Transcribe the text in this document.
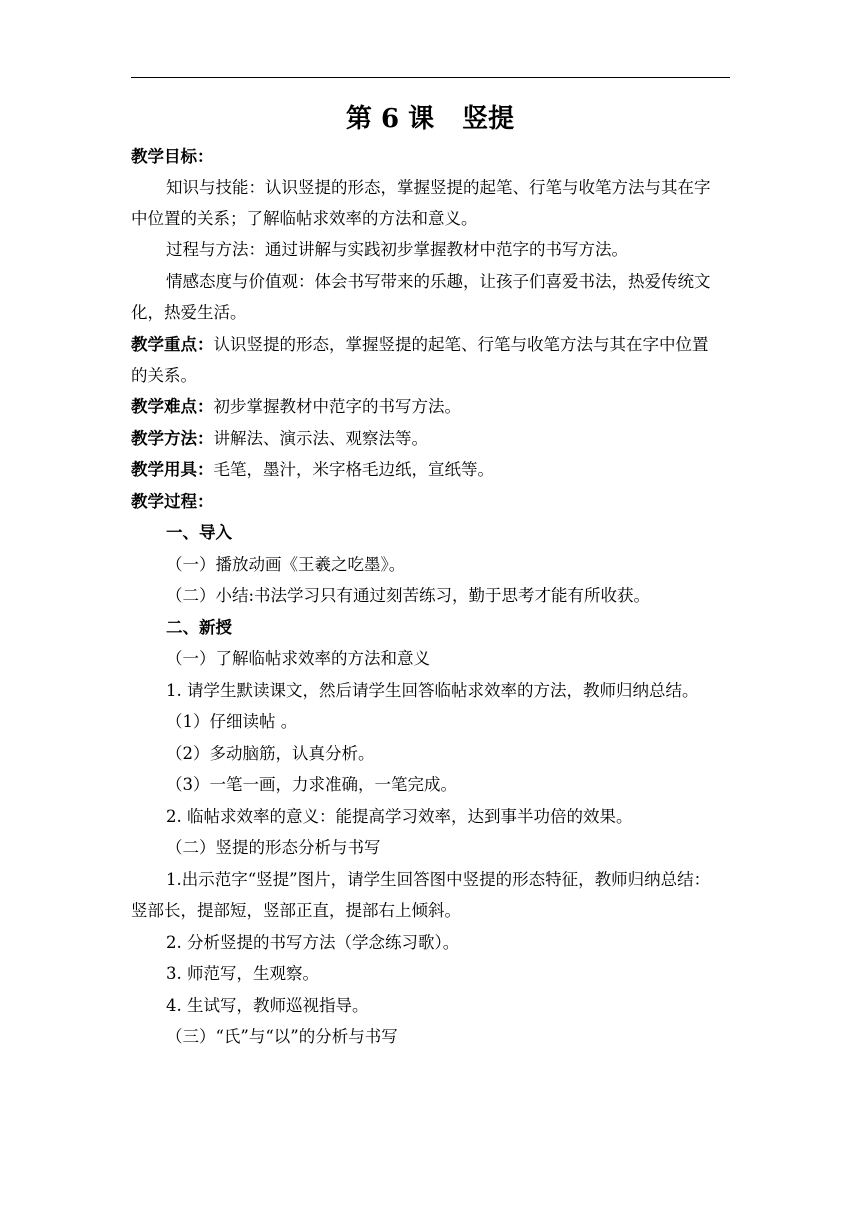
第 6 课 竖提
教学目标：
知识与技能：认识竖提的形态，掌握竖提的起笔、行笔与收笔方法与其在字
中位置的关系；了解临帖求效率的方法和意义。
过程与方法：通过讲解与实践初步掌握教材中范字的书写方法。
情感态度与价值观：体会书写带来的乐趣，让孩子们喜爱书法，热爱传统文
化，热爱生活。
教学重点：认识竖提的形态，掌握竖提的起笔、行笔与收笔方法与其在字中位置
的关系。
教学难点：初步掌握教材中范字的书写方法。
教学方法：讲解法、演示法、观察法等。
教学用具：毛笔，墨汁，米字格毛边纸，宣纸等。
教学过程：
一、导入
（一）播放动画《王羲之吃墨》。
（二）小结:书法学习只有通过刻苦练习，勤于思考才能有所收获。
二、新授
（一）了解临帖求效率的方法和意义
1. 请学生默读课文，然后请学生回答临帖求效率的方法，教师归纳总结。
（1）仔细读帖 。
（2）多动脑筋，认真分析。
（3）一笔一画，力求准确，一笔完成。
2. 临帖求效率的意义：能提高学习效率，达到事半功倍的效果。
（二）竖提的形态分析与书写
1.出示范字“竖提”图片，请学生回答图中竖提的形态特征，教师归纳总结：
竖部长，提部短，竖部正直，提部右上倾斜。
2. 分析竖提的书写方法（学念练习歌）。
3. 师范写，生观察。
4. 生试写，教师巡视指导。
（三）“氏”与“以”的分析与书写
